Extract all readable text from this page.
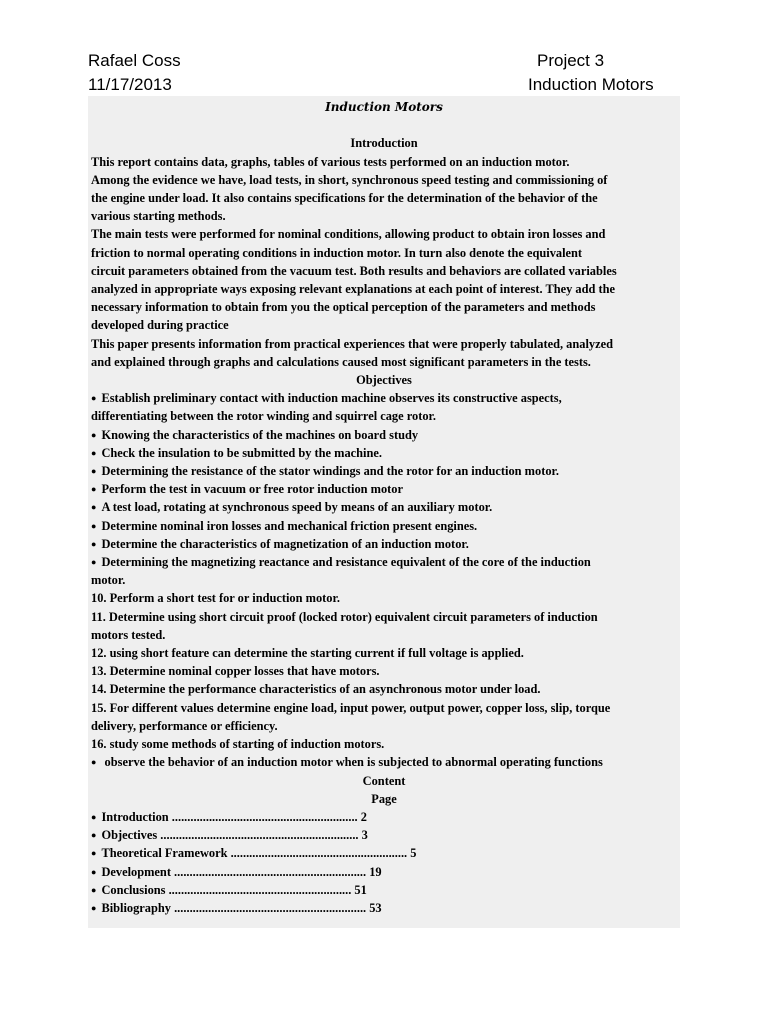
Rafael Coss
11/17/2013
Project 3
Induction Motors
Induction Motors
Introduction
This report contains data, graphs, tables of various tests performed on an induction motor.
Among the evidence we have, load tests, in short, synchronous speed testing and commissioning of
the engine under load. It also contains specifications for the determination of the behavior of the
various starting methods.
The main tests were performed for nominal conditions, allowing product to obtain iron losses and
friction to normal operating conditions in induction motor. In turn also denote the equivalent
circuit parameters obtained from the vacuum test. Both results and behaviors are collated variables
analyzed in appropriate ways exposing relevant explanations at each point of interest. They add the
necessary information to obtain from you the optical perception of the parameters and methods
developed during practice
This paper presents information from practical experiences that were properly tabulated, analyzed
and explained through graphs and calculations caused most significant parameters in the tests.
Objectives
● Establish preliminary contact with induction machine observes its constructive aspects,
differentiating between the rotor winding and squirrel cage rotor.
● Knowing the characteristics of the machines on board study
● Check the insulation to be submitted by the machine.
● Determining the resistance of the stator windings and the rotor for an induction motor.
● Perform the test in vacuum or free rotor induction motor
● A test load, rotating at synchronous speed by means of an auxiliary motor.
● Determine nominal iron losses and mechanical friction present engines.
● Determine the characteristics of magnetization of an induction motor.
● Determining the magnetizing reactance and resistance equivalent of the core of the induction
motor.
10. Perform a short test for or induction motor.
11. Determine using short circuit proof (locked rotor) equivalent circuit parameters of induction
motors tested.
12. using short feature can determine the starting current if full voltage is applied.
13. Determine nominal copper losses that have motors.
14. Determine the performance characteristics of an asynchronous motor under load.
15. For different values determine engine load, input power, output power, copper loss, slip, torque
delivery, performance or efficiency.
16. study some methods of starting of induction motors.
● observe the behavior of an induction motor when is subjected to abnormal operating functions
Content
Page
● Introduction ............................................................ 2
● Objectives ................................................................ 3
● Theoretical Framework ......................................................... 5
● Development .............................................................. 19
● Conclusions ........................................................... 51
● Bibliography .............................................................. 53
